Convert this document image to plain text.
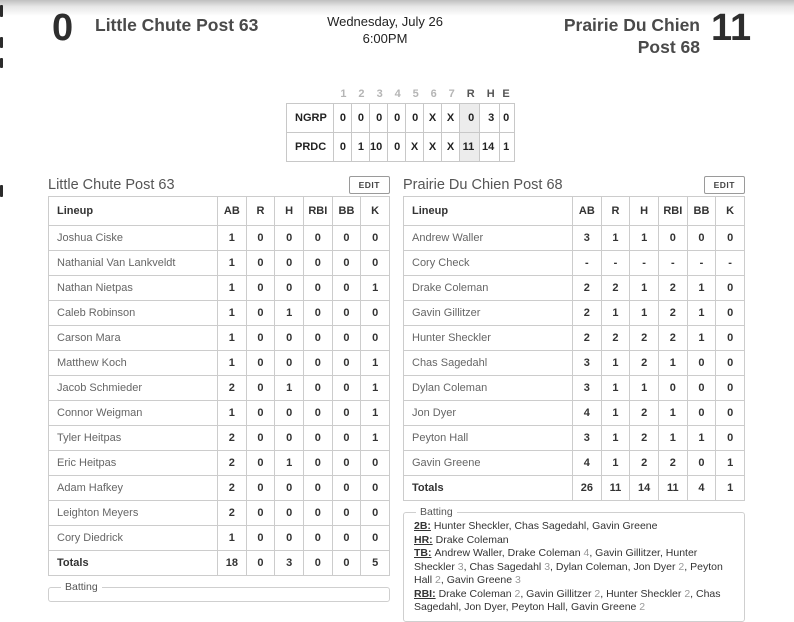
0 Little Chute Post 63	Wednesday, July 26
6:00PM
Prairie Du Chien
Post 68 11
	1	2	3	4	5	6	7	R	H	E
NGRP	0	0	0	0	0	X	X	0	3	0
PRDC	0	1	10	0	X	X	X	11	14	1
Little Chute Post 63	EDIT
Lineup	AB	R	H	RBI	BB	K
Joshua Ciske	1	0	0	0	0	0
Nathanial Van Lankveldt	1	0	0	0	0	0
Nathan Nietpas	1	0	0	0	0	1
Caleb Robinson	1	0	1	0	0	0
Carson Mara	1	0	0	0	0	0
Matthew Koch	1	0	0	0	0	1
Jacob Schmieder	2	0	1	0	0	1
Connor Weigman	1	0	0	0	0	1
Tyler Heitpas	2	0	0	0	0	1
Eric Heitpas	2	0	1	0	0	0
Adam Hafkey	2	0	0	0	0	0
Leighton Meyers	2	0	0	0	0	0
Cory Diedrick	1	0	0	0	0	0
Totals	18	0	3	0	0	5
Batting
Prairie Du Chien Post 68	EDIT
Lineup	AB	R	H	RBI	BB	K
Andrew Waller	3	1	1	0	0	0
Cory Check	-	-	-	-	-	-
Drake Coleman	2	2	1	2	1	0
Gavin Gillitzer	2	1	1	2	1	0
Hunter Sheckler	2	2	2	2	1	0
Chas Sagedahl	3	1	2	1	0	0
Dylan Coleman	3	1	1	0	0	0
Jon Dyer	4	1	2	1	0	0
Peyton Hall	3	1	2	1	1	0
Gavin Greene	4	1	2	2	0	1
Totals	26	11	14	11	4	1
Batting
2B: Hunter Sheckler, Chas Sagedahl, Gavin Greene
HR: Drake Coleman
TB: Andrew Waller, Drake Coleman 4, Gavin Gillitzer, Hunter Sheckler 3, Chas Sagedahl 3, Dylan Coleman, Jon Dyer 2, Peyton Hall 2, Gavin Greene 3
RBI: Drake Coleman 2, Gavin Gillitzer 2, Hunter Sheckler 2, Chas Sagedahl, Jon Dyer, Peyton Hall, Gavin Greene 2
